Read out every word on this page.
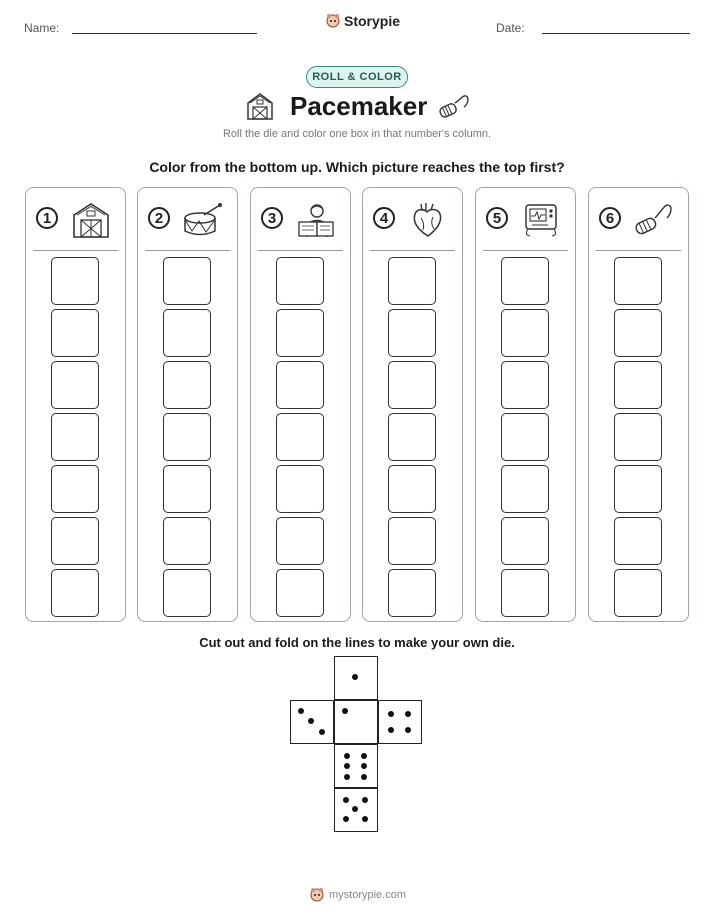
Name:	Storypie	Date:
ROLL & COLOR
Pacemaker
Roll the die and color one box in that number's column.
Color from the bottom up. Which picture reaches the top first?
1	2	3	4	5	6
Cut out and fold on the lines to make your own die.
mystorypie.com
